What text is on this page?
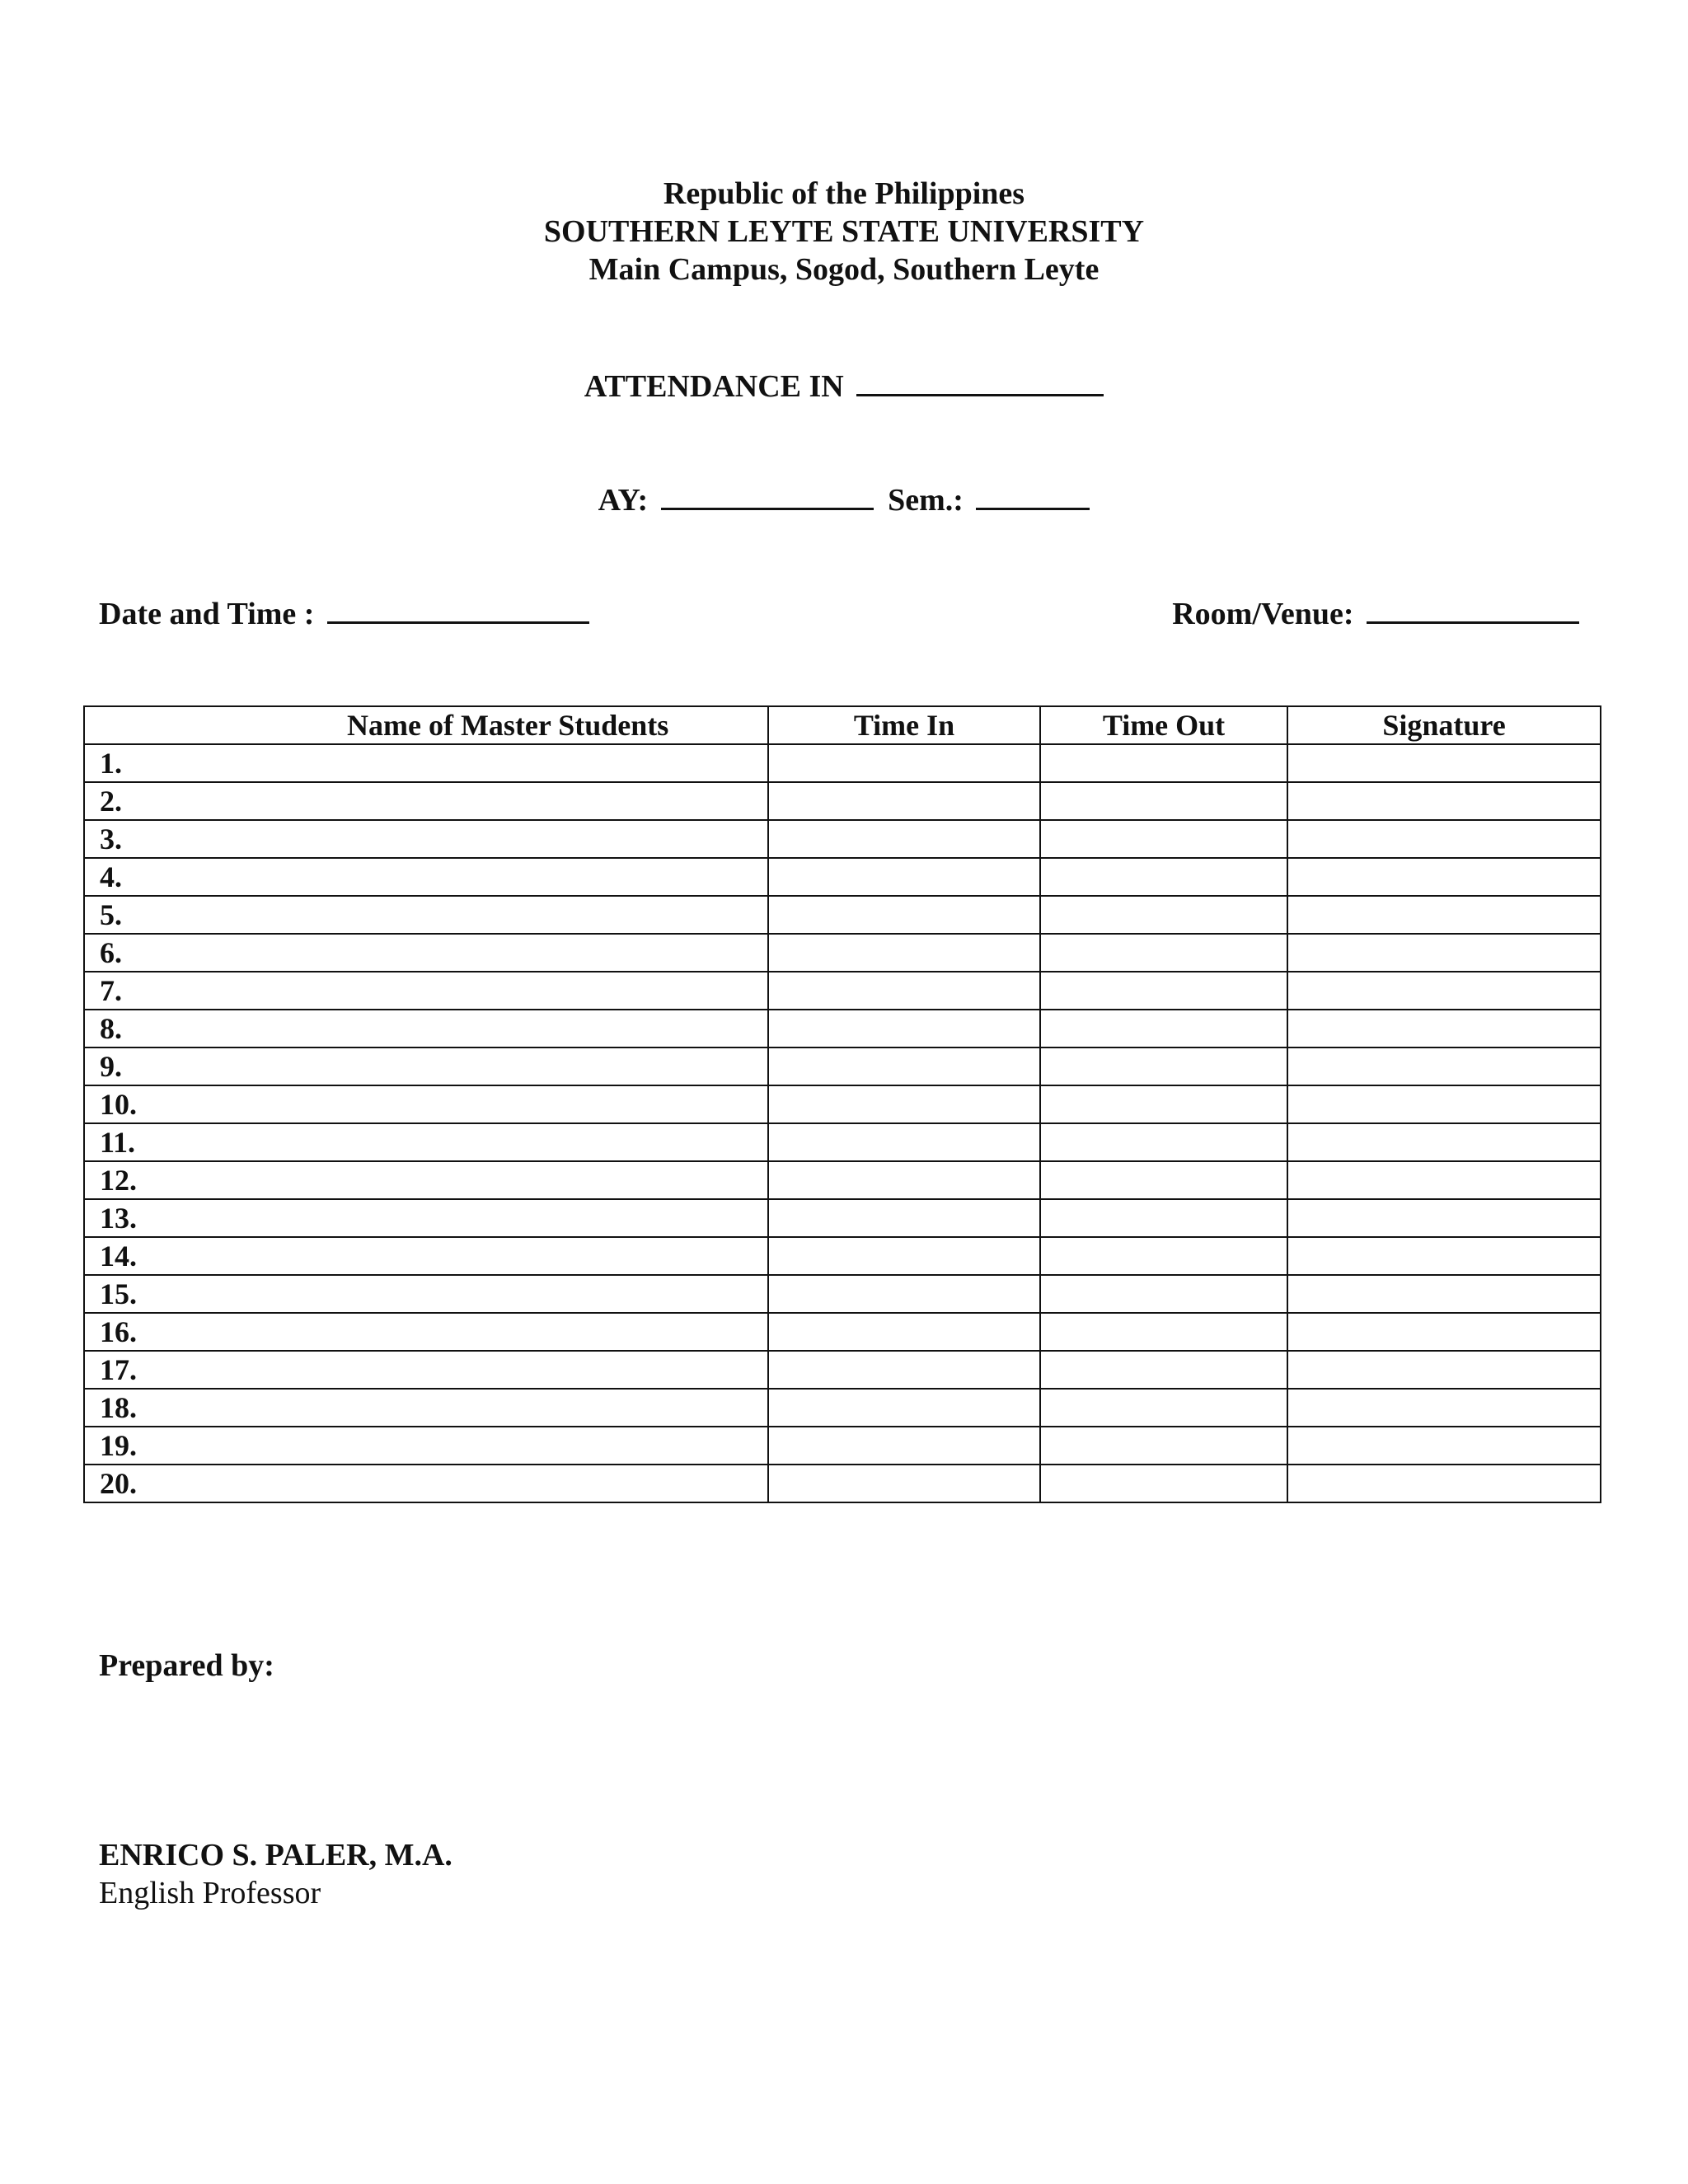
Republic of the Philippines
SOUTHERN LEYTE STATE UNIVERSITY
Main Campus, Sogod, Southern Leyte
ATTENDANCE IN
AY:	Sem.:
Date and Time :	Room/Venue:
Name of Master Students	Time In	Time Out	Signature
1.			
2.			
3.			
4.			
5.			
6.			
7.			
8.			
9.			
10.			
11.			
12.			
13.			
14.			
15.			
16.			
17.			
18.			
19.			
20.			
Prepared by:
ENRICO S. PALER, M.A.
English Professor
